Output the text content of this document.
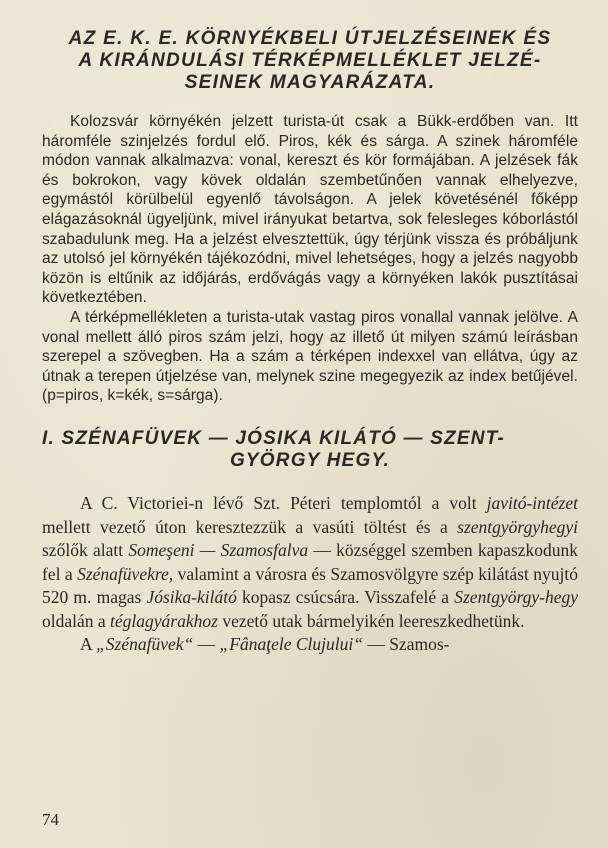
AZ E. K. E. KÖRNYÉKBELI ÚTJELZÉSEINEK ÉS
A KIRÁNDULÁSI TÉRKÉPMELLÉKLET JELZÉ-
SEINEK MAGYARÁZATA.

Kolozsvár környékén jelzett turista-út csak a Bükk-erdőben van. Itt háromféle szinjelzés fordul elő. Piros, kék és sárga. A szinek háromféle módon vannak alkalmazva: vonal, kereszt és kör formájában. A jelzések fák és bokrokon, vagy kövek oldalán szembetűnően vannak elhelyezve, egymástól körülbelül egyenlő távolságon. A jelek követésénél főképp elágazásoknál ügyeljünk, mivel irányukat betartva, sok felesleges kóborlástól szabadulunk meg. Ha a jelzést elvesztettük, úgy térjünk vissza és próbáljunk az utolsó jel környékén tájékozódni, mivel lehetséges, hogy a jelzés nagyobb közön is eltűnik az időjárás, erdővágás vagy a környéken lakók pusztításai következtében.

A térképmellékleten a turista-utak vastag piros vonallal vannak jelölve. A vonal mellett álló piros szám jelzi, hogy az illető út milyen számú leírásban szerepel a szövegben. Ha a szám a térképen indexxel van ellátva, úgy az útnak a terepen útjelzése van, melynek szine megegyezik az index betűjével. (p=piros, k=kék, s=sárga).

I. SZÉNAFÜVEK — JÓSIKA KILÁTÓ — SZENT-
GYÖRGY HEGY.

A C. Victoriei-n lévő Szt. Péteri templomtól a volt javitó-intézet mellett vezető úton keresztezzük a vasúti töltést és a szentgyörgyhegyi szőlők alatt Someşeni — Szamosfalva — községgel szemben kapaszkodunk fel a Szénafüvekre, valamint a városra és Szamosvölgyre szép kilátást nyujtó 520 m. magas Jósika-kilátó kopasz csúcsára. Visszafelé a Szentgyörgy-hegy oldalán a téglagyárakhoz vezető utak bármelyikén leereszkedhetünk.

A „Szénafüvek“ — „Fânaţele Clujului“ — Szamos-

74
